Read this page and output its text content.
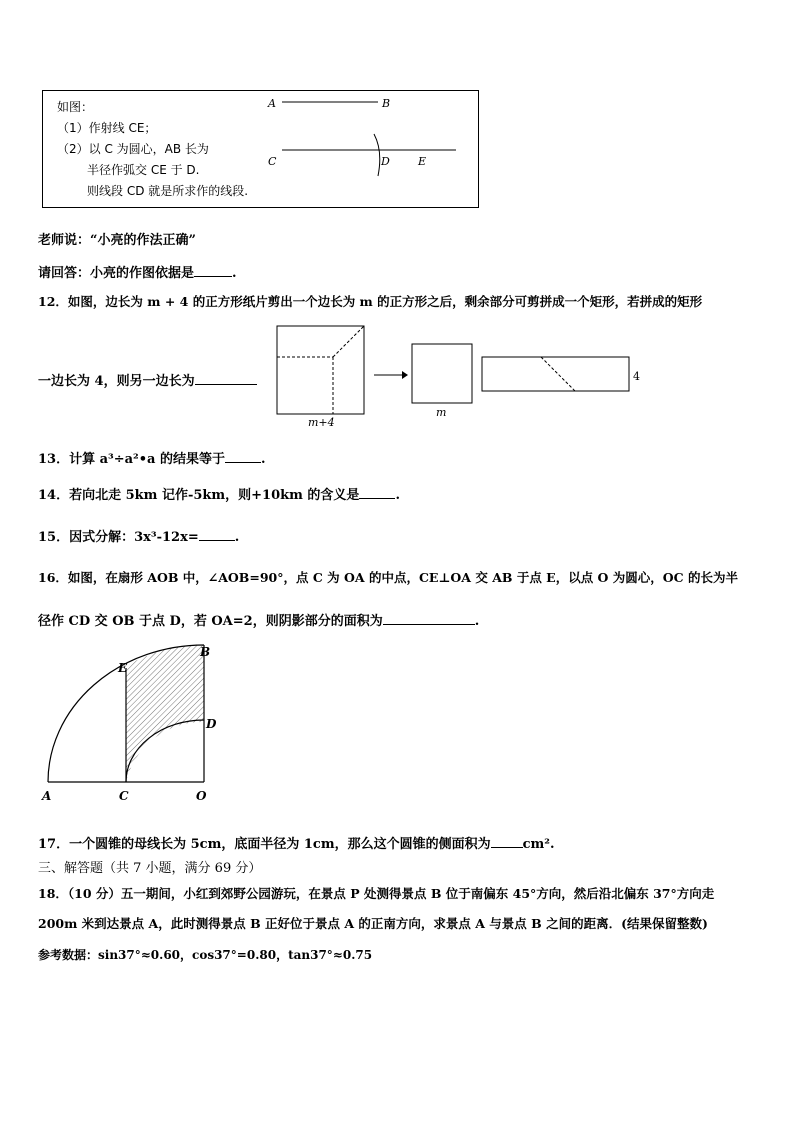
如图：
（1）作射线 CE；
（2）以 C 为圆心，AB 长为
半径作弧交 CE 于 D.
则线段 CD 就是所求作的线段.
A	B
C	D	E
老师说：“小亮的作法正确”
请回答：小亮的作图依据是	.
12．如图，边长为 m + 4 的正方形纸片剪出一个边长为 m 的正方形之后，剩余部分可剪拼成一个矩形，若拼成的矩形
一边长为 4，则另一边长为
m+4
m
4
13．计算 a³÷a²•a 的结果等于	.
14．若向北走 5km 记作-5km，则+10km 的含义是	.
15．因式分解：3x³-12x=	.
16．如图，在扇形 AOB 中，∠AOB=90°，点 C 为 OA 的中点，CE⊥OA 交 AB 于点 E，以点 O 为圆心，OC 的长为半
径作 CD 交 OB 于点 D，若 OA=2，则阴影部分的面积为	.
E
B
D
A	C	O
17．一个圆锥的母线长为 5cm，底面半径为 1cm，那么这个圆锥的侧面积为 cm².
三、解答题（共 7 小题，满分 69 分）
18．（10 分）五一期间，小红到郊野公园游玩，在景点 P 处测得景点 B 位于南偏东 45°方向，然后沿北偏东 37°方向走
200m 米到达景点 A，此时测得景点 B 正好位于景点 A 的正南方向，求景点 A 与景点 B 之间的距离．(结果保留整数)
参考数据：sin37°≈0.60，cos37°=0.80，tan37°≈0.75
